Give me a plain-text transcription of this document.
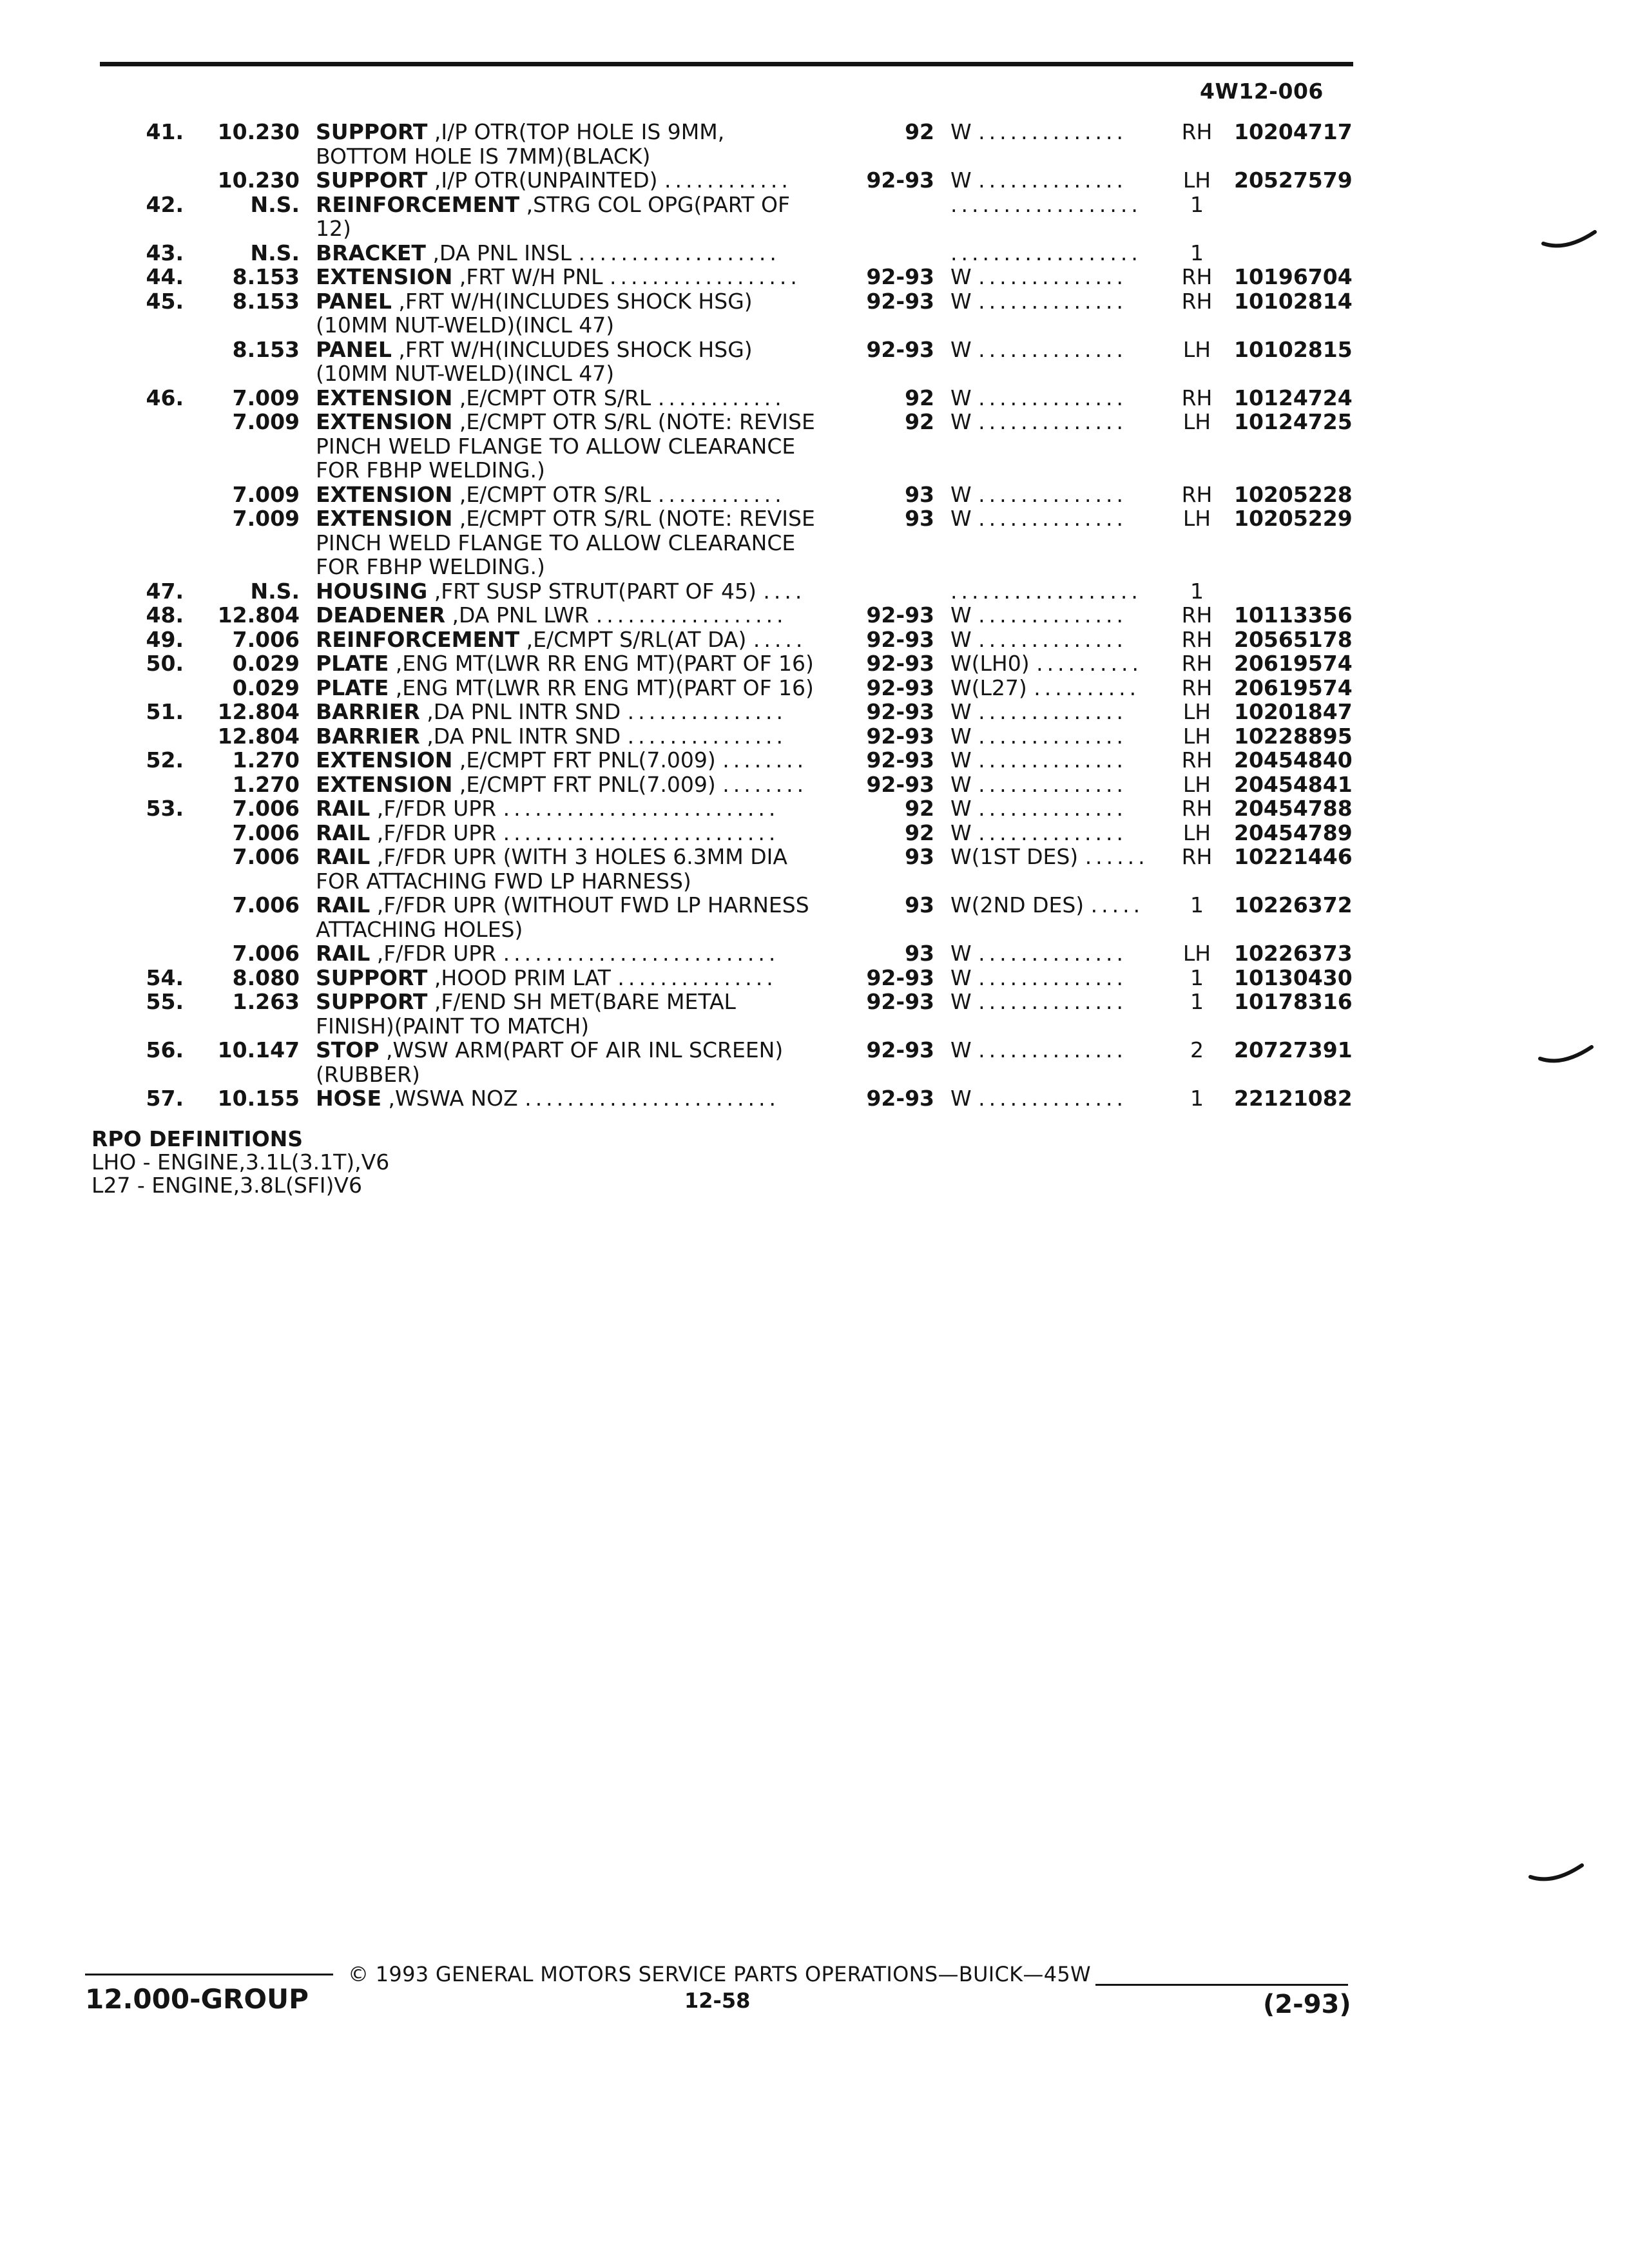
4W12-006
41.	10.230 SUPPORT ,I/P OTR(TOP HOLE IS 9MM,	92 W ..............	RH	10204717
BOTTOM HOLE IS 7MM)(BLACK)
10.230 SUPPORT ,I/P OTR(UNPAINTED) ............	92-93 W ..............	LH	20527579
42.	N.S. REINFORCEMENT ,STRG COL OPG(PART OF	..................	1
12)
43.	N.S. BRACKET ,DA PNL INSL ...................	..................	1
44.	8.153 EXTENSION ,FRT W/H PNL ..................	92-93 W ..............	RH	10196704
45.	8.153 PANEL ,FRT W/H(INCLUDES SHOCK HSG)	92-93 W ..............	RH	10102814
(10MM NUT-WELD)(INCL 47)
8.153 PANEL ,FRT W/H(INCLUDES SHOCK HSG)	92-93 W ..............	LH	10102815
(10MM NUT-WELD)(INCL 47)
46.	7.009 EXTENSION ,E/CMPT OTR S/RL ............	92 W ..............	RH	10124724
7.009 EXTENSION ,E/CMPT OTR S/RL (NOTE: REVISE	92 W ..............	LH	10124725
PINCH WELD FLANGE TO ALLOW CLEARANCE
FOR FBHP WELDING.)
7.009 EXTENSION ,E/CMPT OTR S/RL ............	93 W ..............	RH	10205228
7.009 EXTENSION ,E/CMPT OTR S/RL (NOTE: REVISE	93 W ..............	LH	10205229
PINCH WELD FLANGE TO ALLOW CLEARANCE
FOR FBHP WELDING.)
47.	N.S. HOUSING ,FRT SUSP STRUT(PART OF 45) ....	..................	1
48.	12.804 DEADENER ,DA PNL LWR ..................	92-93 W ..............	RH	10113356
49.	7.006 REINFORCEMENT ,E/CMPT S/RL(AT DA) .....	92-93 W ..............	RH	20565178
50.	0.029 PLATE ,ENG MT(LWR RR ENG MT)(PART OF 16)	92-93 W(LH0) ..........	RH	20619574
0.029 PLATE ,ENG MT(LWR RR ENG MT)(PART OF 16)	92-93 W(L27) ..........	RH	20619574
51.	12.804 BARRIER ,DA PNL INTR SND ...............	92-93 W ..............	LH	10201847
12.804 BARRIER ,DA PNL INTR SND ...............	92-93 W ..............	LH	10228895
52.	1.270 EXTENSION ,E/CMPT FRT PNL(7.009) ........	92-93 W ..............	RH	20454840
1.270 EXTENSION ,E/CMPT FRT PNL(7.009) ........	92-93 W ..............	LH	20454841
53.	7.006 RAIL ,F/FDR UPR ..........................	92 W ..............	RH	20454788
7.006 RAIL ,F/FDR UPR ..........................	92 W ..............	LH	20454789
7.006 RAIL ,F/FDR UPR (WITH 3 HOLES 6.3MM DIA	93 W(1ST DES) ......	RH	10221446
FOR ATTACHING FWD LP HARNESS)
7.006 RAIL ,F/FDR UPR (WITHOUT FWD LP HARNESS	93 W(2ND DES) .....	1	10226372
ATTACHING HOLES)
7.006 RAIL ,F/FDR UPR ..........................	93 W ..............	LH	10226373
54.	8.080 SUPPORT ,HOOD PRIM LAT ...............	92-93 W ..............	1	10130430
55.	1.263 SUPPORT ,F/END SH MET(BARE METAL	92-93 W ..............	1	10178316
FINISH)(PAINT TO MATCH)
56.	10.147 STOP ,WSW ARM(PART OF AIR INL SCREEN)	92-93 W ..............	2	20727391
(RUBBER)
57.	10.155 HOSE ,WSWA NOZ ........................	92-93 W ..............	1	22121082
RPO DEFINITIONS
LHO - ENGINE,3.1L(3.1T),V6
L27 - ENGINE,3.8L(SFI)V6
© 1993 GENERAL MOTORS SERVICE PARTS OPERATIONS—BUICK—45W
12.000-GROUP	12-58	(2-93)
